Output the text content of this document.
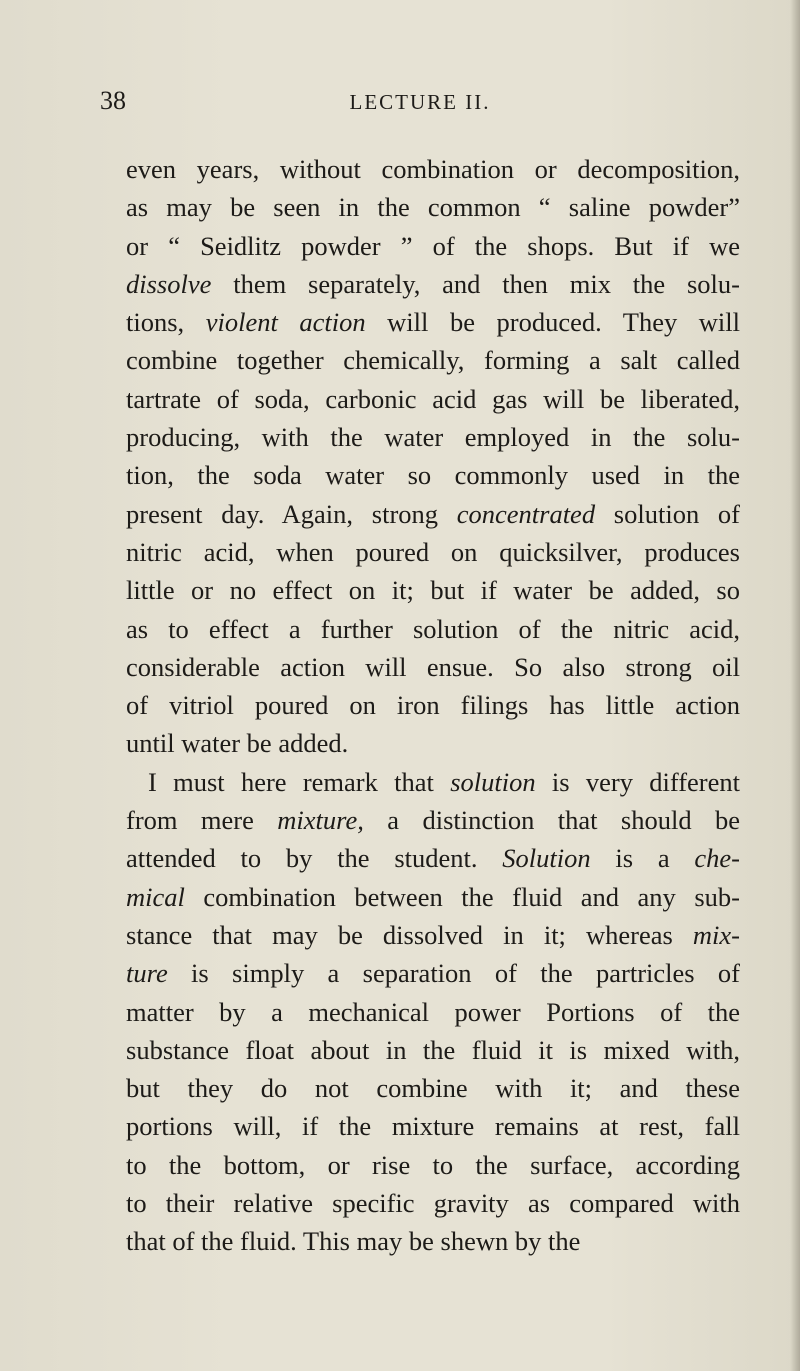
38	LECTURE II.
even years, without combination or decomposition,
as may be seen in the common “ saline powder”
or “ Seidlitz powder ” of the shops. But if we
dissolve them separately, and then mix the solu-
tions, violent action will be produced. They will
combine together chemically, forming a salt called
tartrate of soda, carbonic acid gas will be liberated,
producing, with the water employed in the solu-
tion, the soda water so commonly used in the
present day. Again, strong concentrated solution of
nitric acid, when poured on quicksilver, produces
little or no effect on it; but if water be added, so
as to effect a further solution of the nitric acid,
considerable action will ensue. So also strong oil
of vitriol poured on iron filings has little action
until water be added.
I must here remark that solution is very different
from mere mixture, a distinction that should be
attended to by the student. Solution is a che-
mical combination between the fluid and any sub-
stance that may be dissolved in it; whereas mix-
ture is simply a separation of the partricles of
matter by a mechanical power Portions of the
substance float about in the fluid it is mixed with,
but they do not combine with it; and these
portions will, if the mixture remains at rest, fall
to the bottom, or rise to the surface, according
to their relative specific gravity as compared with
that of the fluid. This may be shewn by the
